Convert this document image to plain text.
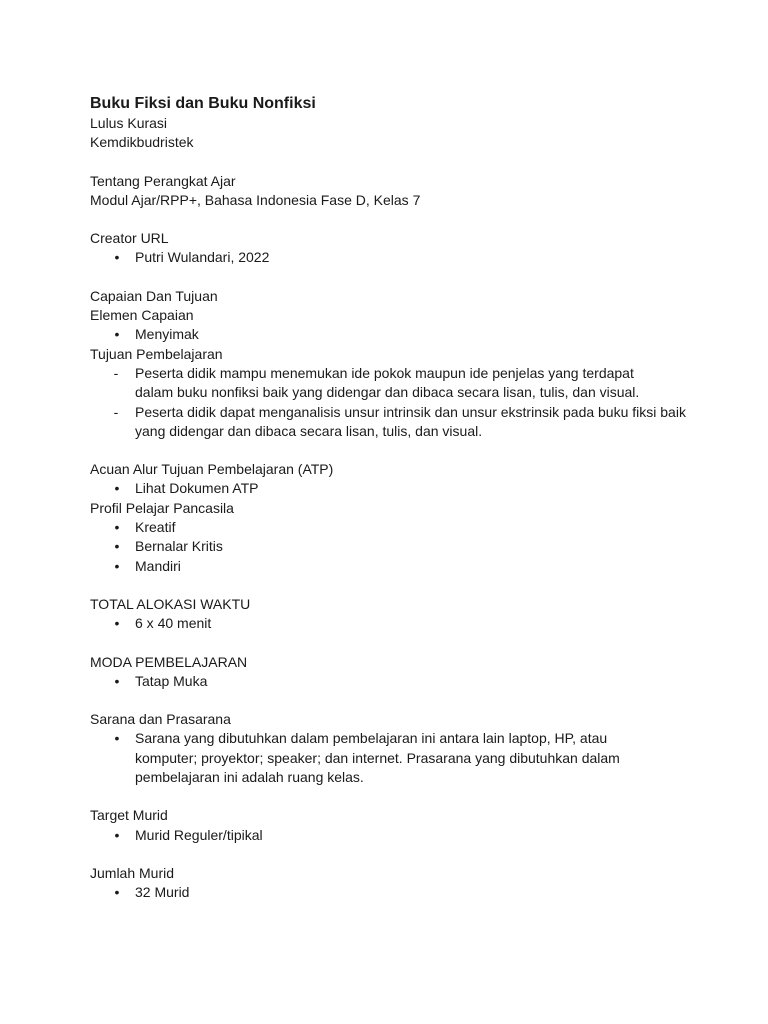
Buku Fiksi dan Buku Nonfiksi

Lulus Kurasi

Kemdikbudristek

Tentang Perangkat Ajar

Modul Ajar/RPP+, Bahasa Indonesia Fase D, Kelas 7

Creator URL

• Putri Wulandari, 2022

Capaian Dan Tujuan

Elemen Capaian

• Menyimak

Tujuan Pembelajaran

- Peserta didik mampu menemukan ide pokok maupun ide penjelas yang terdapat
dalam buku nonfiksi baik yang didengar dan dibaca secara lisan, tulis, dan visual.
- Peserta didik dapat menganalisis unsur intrinsik dan unsur ekstrinsik pada buku fiksi baik
yang didengar dan dibaca secara lisan, tulis, dan visual.

Acuan Alur Tujuan Pembelajaran (ATP)

• Lihat Dokumen ATP

Profil Pelajar Pancasila

• Kreatif
• Bernalar Kritis
• Mandiri

TOTAL ALOKASI WAKTU

• 6 x 40 menit

MODA PEMBELAJARAN

• Tatap Muka

Sarana dan Prasarana

• Sarana yang dibutuhkan dalam pembelajaran ini antara lain laptop, HP, atau
komputer; proyektor; speaker; dan internet. Prasarana yang dibutuhkan dalam
pembelajaran ini adalah ruang kelas.

Target Murid

• Murid Reguler/tipikal

Jumlah Murid

• 32 Murid
